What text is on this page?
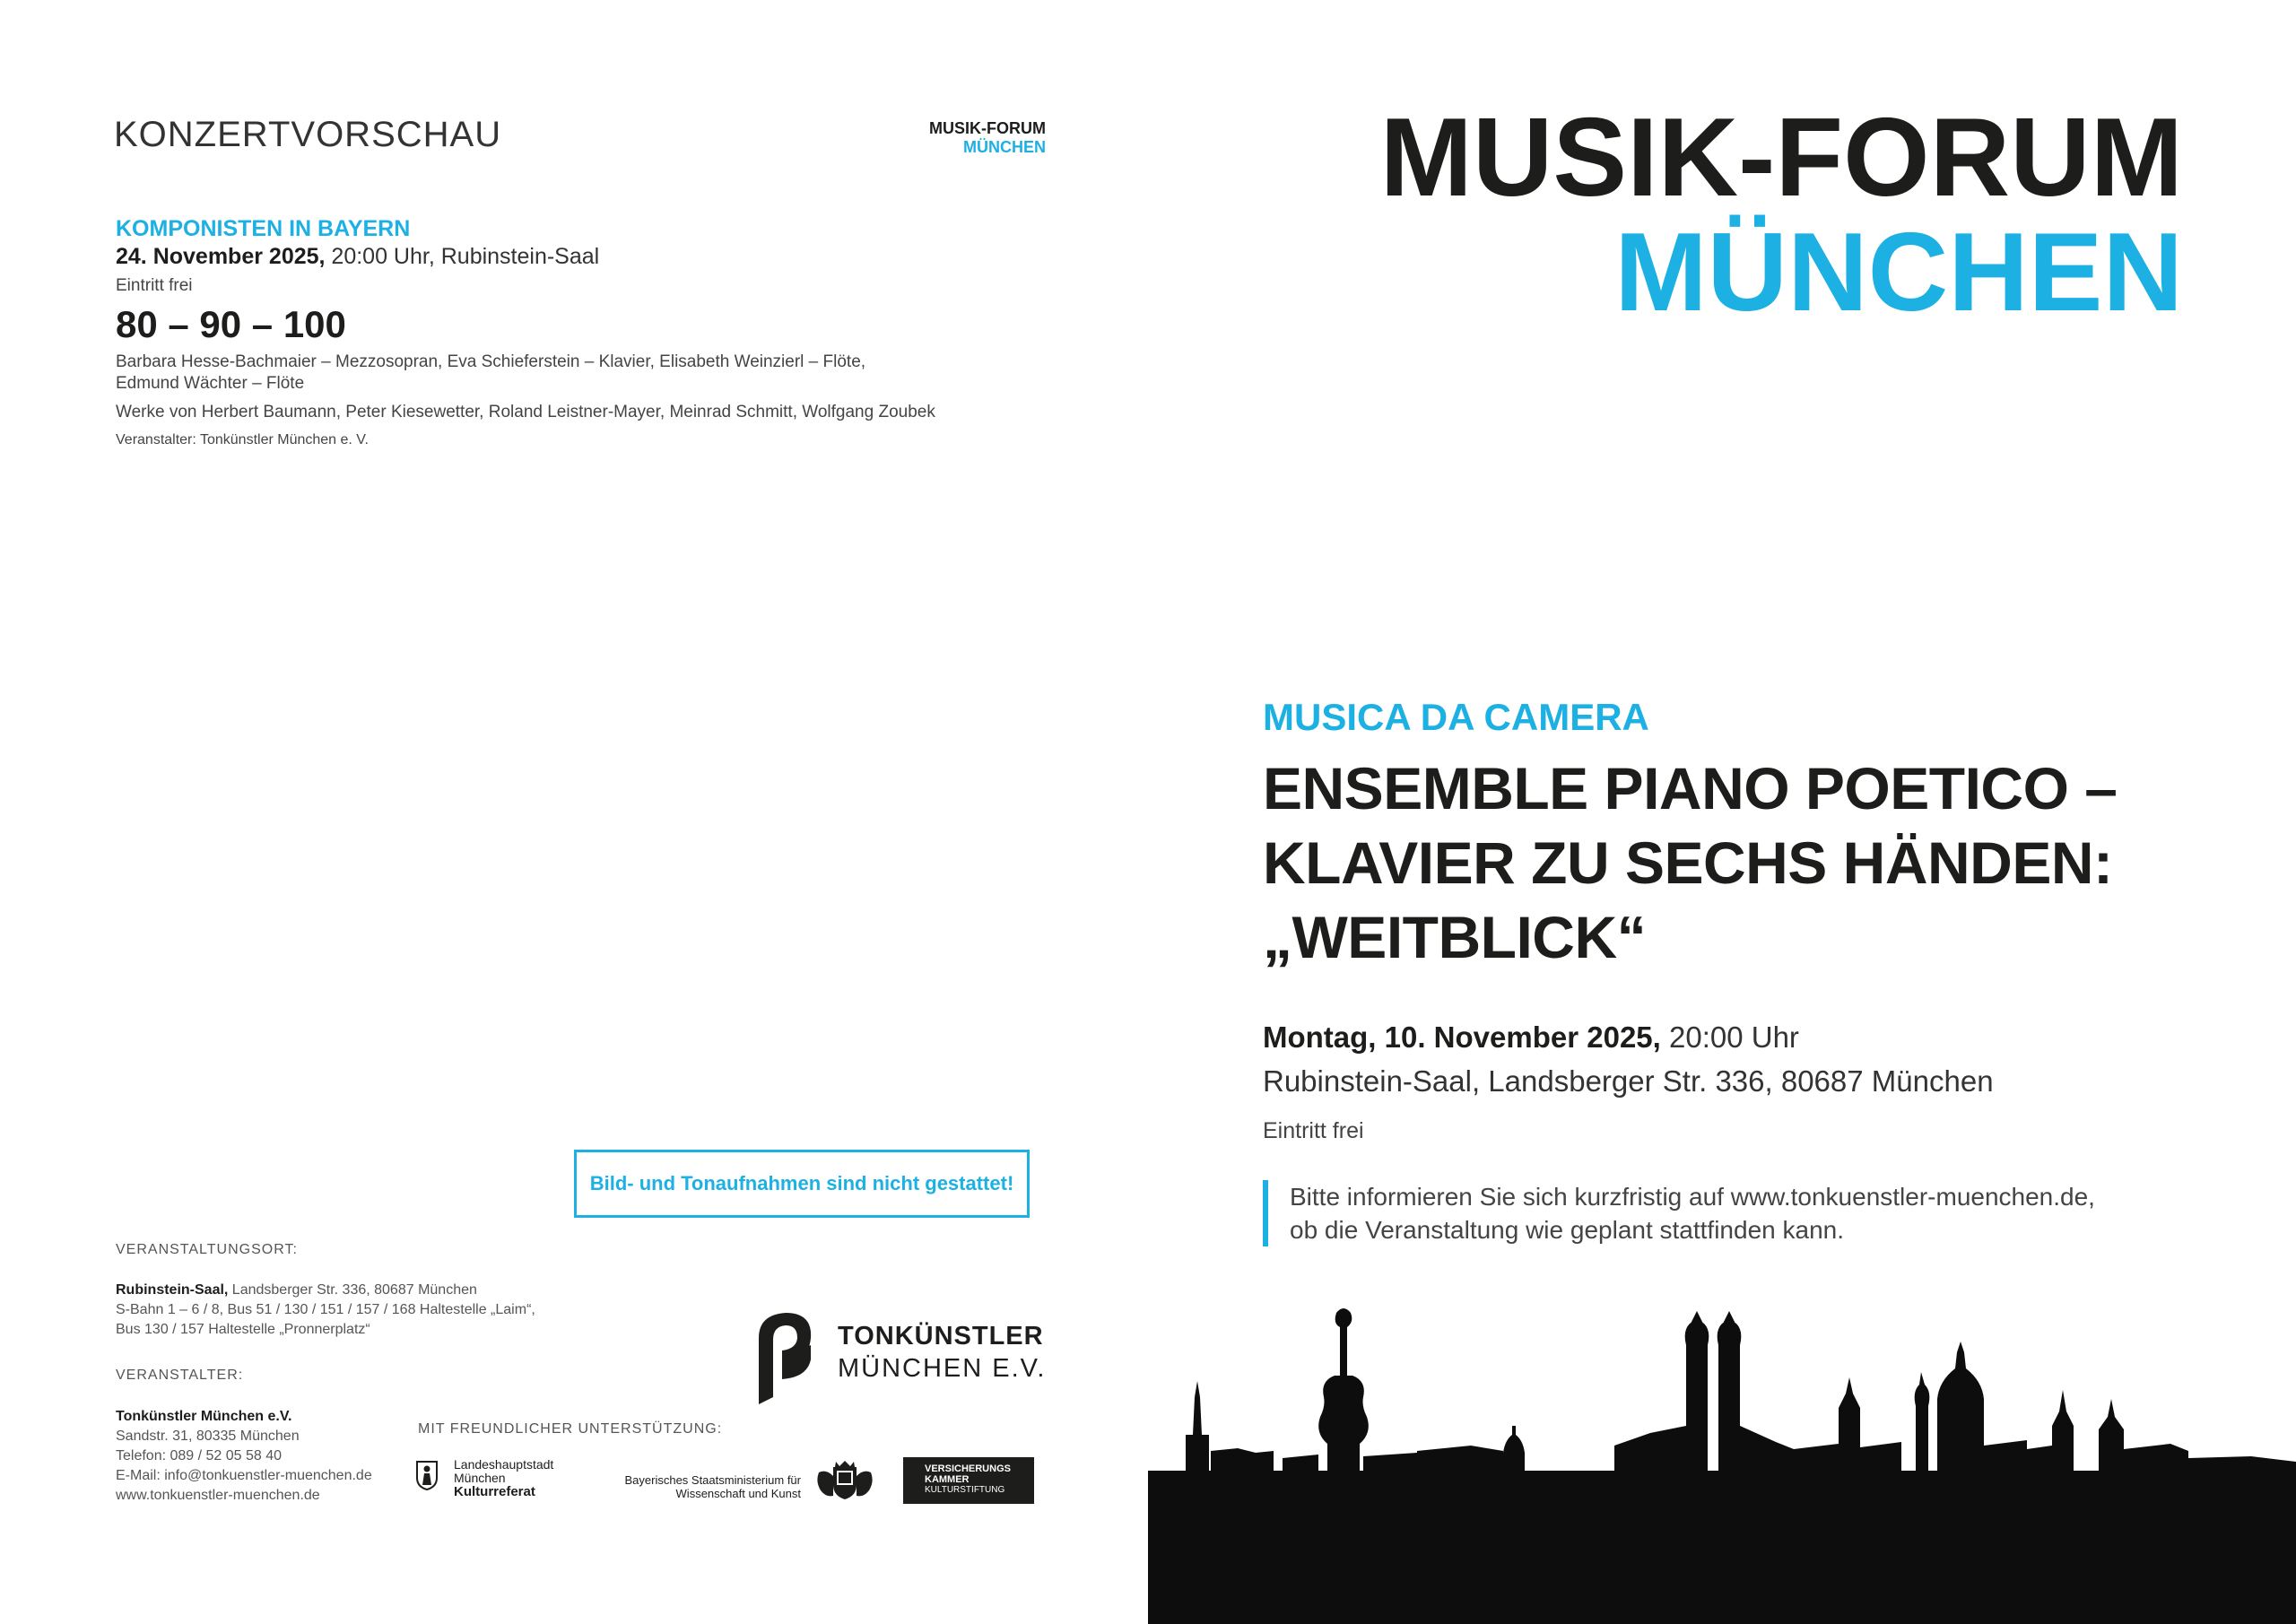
KONZERTVORSCHAU	MUSIK-FORUM
MÜNCHEN
KOMPONISTEN IN BAYERN
24. November 2025, 20:00 Uhr, Rubinstein-Saal
Eintritt frei
80 – 90 – 100
Barbara Hesse-Bachmaier – Mezzosopran, Eva Schieferstein – Klavier, Elisabeth Weinzierl – Flöte,
Edmund Wächter – Flöte
Werke von Herbert Baumann, Peter Kiesewetter, Roland Leistner-Mayer, Meinrad Schmitt, Wolfgang Zoubek
Veranstalter: Tonkünstler München e. V.
Bild- und Tonaufnahmen sind nicht gestattet!
VERANSTALTUNGSORT:
Rubinstein-Saal, Landsberger Str. 336, 80687 München
S-Bahn 1 – 6 / 8, Bus 51 / 130 / 151 / 157 / 168 Haltestelle „Laim“,
Bus 130 / 157 Haltestelle „Pronnerplatz“
VERANSTALTER:
Tonkünstler München e.V.
Sandstr. 31, 80335 München
Telefon: 089 / 52 05 58 40
E-Mail: info@tonkuenstler-muenchen.de
www.tonkuenstler-muenchen.de
MIT FREUNDLICHER UNTERSTÜTZUNG:
TONKÜNSTLER
MÜNCHEN E.V.
Landeshauptstadt
München
Kulturreferat
Bayerisches Staatsministerium für
Wissenschaft und Kunst
VERSICHERUNGS
KAMMER
KULTURSTIFTUNG
MUSIK-FORUM
MÜNCHEN
MUSICA DA CAMERA
ENSEMBLE PIANO POETICO –
KLAVIER ZU SECHS HÄNDEN:
„WEITBLICK“
Montag, 10. November 2025, 20:00 Uhr
Rubinstein-Saal, Landsberger Str. 336, 80687 München
Eintritt frei
Bitte informieren Sie sich kurzfristig auf www.tonkuenstler-muenchen.de,
ob die Veranstaltung wie geplant stattfinden kann.
